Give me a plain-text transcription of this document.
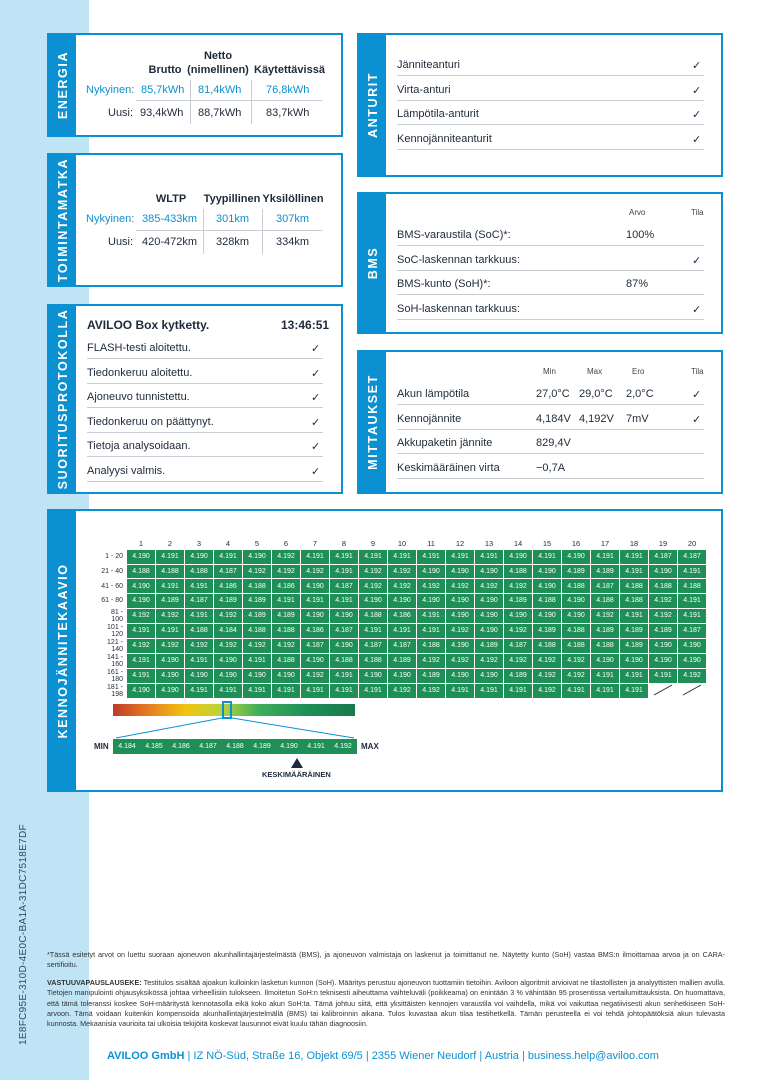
1E8FC95E-310D-4E0C-BA1A-31DC7518E7DF
ENERGIA	Brutto
Netto
(nimellinen) Käytettävissä
Nykyinen: 85,7kWh 81,4kWh 76,8kWh
Uusi: 93,4kWh 88,7kWh 83,7kWh
TOIMINTAMATKA	WLTP	Tyypillinen Yksilöllinen
Nykyinen: 385-433km 301km 307km
Uusi: 420-472km 328km 334km
SUORITUSPROTOKOLLA AVILOO Box kytketty.	13:46:51
ANTURIT
BMS
Arvo	Tila
MITTAUKSET
Min	Max	Ero	Tila
KENNOJÄNNITEKAAVIO
	1	2	3	4	5	6	7	8	9	10	11	12	13	14	15	16	17	18	19	20
1 - 20	4.190	4.191	4.190	4.191	4.190	4.192	4.191	4.191	4.191	4.191	4.191	4.191	4.191	4.190	4.191	4.190	4.191	4.191	4.187	4.187
21 - 40	4.188	4.188	4.188	4.187	4.192	4.192	4.192	4.191	4.192	4.192	4.190	4.190	4.190	4.188	4.190	4.189	4.189	4.191	4.190	4.191
41 - 60	4.190	4.191	4.191	4.186	4.188	4.186	4.190	4.187	4.192	4.192	4.192	4.192	4.192	4.192	4.190	4.188	4.187	4.188	4.188	4.188
61 - 80	4.190	4.189	4.187	4.189	4.189	4.191	4.191	4.191	4.190	4.190	4.190	4.190	4.190	4.189	4.188	4.190	4.188	4.188	4.192	4.191
81 - 100	4.192	4.192	4.191	4.192	4.189	4.189	4.190	4.190	4.188	4.186	4.191	4.190	4.190	4.190	4.190	4.190	4.192	4.191	4.192	4.191
101 - 120	4.191	4.191	4.188	4.184	4.188	4.188	4.186	4.187	4.191	4.191	4.191	4.192	4.190	4.192	4.189	4.188	4.189	4.189	4.189	4.187
121 - 140	4.192	4.192	4.192	4.192	4.192	4.192	4.187	4.190	4.187	4.187	4.188	4.190	4.189	4.187	4.188	4.188	4.188	4.189	4.190	4.190
141 - 160	4.191	4.190	4.191	4.190	4.191	4.188	4.190	4.188	4.188	4.189	4.192	4.192	4.192	4.192	4.192	4.192	4.190	4.190	4.190	4.190
161 - 180	4.191	4.190	4.190	4.190	4.190	4.190	4.192	4.191	4.190	4.190	4.189	4.190	4.190	4.189	4.192	4.192	4.191	4.191	4.191	4.192
181 - 198	4.190	4.190	4.191	4.191	4.191	4.191	4.191	4.191	4.191	4.192	4.192	4.191	4.191	4.191	4.192	4.191	4.191	4.191		
MIN	MAX
KESKIMÄÄRÄINEN
*Tässä esitetyt arvot on luettu suoraan ajoneuvon akunhallintajärjestelmästä (BMS), ja ajoneuvon valmistaja on laskenut ja toimittanut ne. Näytetty kunto (SoH) vastaa BMS:n ilmoittamaa arvoa ja on CARA-sertifioitu.
VASTUUVAPAUSLAUSEKE: Testitulos sisältää ajoakun kulloinkin lasketun kunnon (SoH). Määritys perustuu ajoneuvon tuottamiin tietoihin. Aviloon algoritmit arvioivat ne tilastollisten ja analyyttisten mallien avulla. Tietojen manipulointi ohjausyksikössä johtaa virheellisiin tulokseen. Ilmoitetun SoH:n teknisesti aiheuttama vaihteluväli (poikkeama) on enintään 3 % vähintään 95 prosentissa vertailumittauksista. On huomattava, että tämä toleranssi koskee SoH-määritystä kennotasolla eikä koko akun SoH:ta. Tämä johtuu siitä, että yksittäisten kennojen varaustila voi vaihdella, mikä voi vaikuttaa negatiivisesti akun senhetkiseen SoH-arvoon. Tämä voidaan kuitenkin kompensoida akunhallintajärjestelmällä (BMS) tai kalibroinnin aikana. Tulos kuvastaa akun tilaa testihetkellä. Tämän perusteella ei voi tehdä johtopäätöksiä akun tulevasta kunnosta. Mekaanisia vaurioita tai ulkoisia tekijöitä koskevat lausunnot eivät kuulu tähän diagnoosiin.
AVILOO GmbH | IZ NÖ-Süd, Straße 16, Objekt 69/5 | 2355 Wiener Neudorf | Austria | business.help@aviloo.com
FLASH-testi aloitettu.	✓
Tiedonkeruu aloitettu.	✓
Ajoneuvo tunnistettu.	✓
Tiedonkeruu on päättynyt.	✓
Tietoja analysoidaan.	✓
Analyysi valmis.	✓
Jänniteanturi	✓
Virta-anturi	✓
Lämpötila-anturit	✓
Kennojänniteanturit	✓
BMS-varaustila (SoC)*:	100%
SoC-laskennan tarkkuus:	✓
BMS-kunto (SoH)*:	87%
SoH-laskennan tarkkuus:	✓
Akun lämpötila	27,0°C 29,0°C 2,0°C	✓
Kennojännite	4,184V 4,192V 7mV	✓
Akkupaketin jännite	829,4V
Keskimääräinen virta	−0,7A
4.184	4.185	4.186	4.187	4.188	4.189	4.190	4.191	4.192
